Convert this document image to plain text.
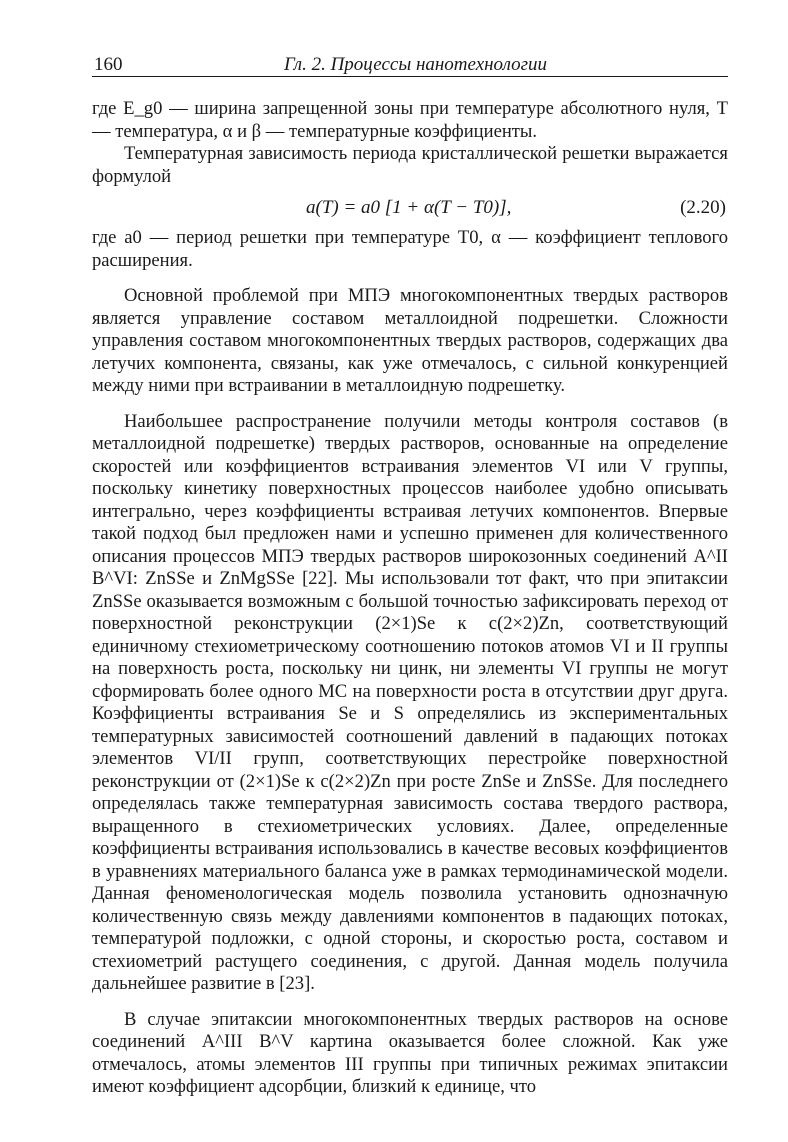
160	Гл. 2. Процессы нанотехнологии

где E_g0 — ширина запрещенной зоны при температуре абсолютного нуля, T — температура, α и β — температурные коэффициенты.

Температурная зависимость периода кристаллической решетки выражается формулой

a(T) = a0 [1 + α(T − T0)],	(2.20)

где a0 — период решетки при температуре T0, α — коэффициент теплового расширения.

Основной проблемой при МПЭ многокомпонентных твердых растворов является управление составом металлоидной подрешетки. Сложности управления составом многокомпонентных твердых растворов, содержащих два летучих компонента, связаны, как уже отмечалось, с сильной конкуренцией между ними при встраивании в металлоидную подрешетку.

Наибольшее распространение получили методы контроля составов (в металлоидной подрешетке) твердых растворов, основанные на определение скоростей или коэффициентов встраивания элементов VI или V группы, поскольку кинетику поверхностных процессов наиболее удобно описывать интегрально, через коэффициенты встраивая летучих компонентов. Впервые такой подход был предложен нами и успешно применен для количественного описания процессов МПЭ твердых растворов широкозонных соединений A^II B^VI: ZnSSe и ZnMgSSe [22]. Мы использовали тот факт, что при эпитаксии ZnSSe оказывается возможным с большой точностью зафиксировать переход от поверхностной реконструкции (2×1)Se к c(2×2)Zn, соответствующий единичному стехиометрическому соотношению потоков атомов VI и II группы на поверхность роста, поскольку ни цинк, ни элементы VI группы не могут сформировать более одного МС на поверхности роста в отсутствии друг друга. Коэффициенты встраивания Se и S определялись из экспериментальных температурных зависимостей соотношений давлений в падающих потоках элементов VI/II групп, соответствующих перестройке поверхностной реконструкции от (2×1)Se к c(2×2)Zn при росте ZnSe и ZnSSe. Для последнего определялась также температурная зависимость состава твердого раствора, выращенного в стехиометрических условиях. Далее, определенные коэффициенты встраивания использовались в качестве весовых коэффициентов в уравнениях материального баланса уже в рамках термодинамической модели. Данная феноменологическая модель позволила установить однозначную количественную связь между давлениями компонентов в падающих потоках, температурой подложки, с одной стороны, и скоростью роста, составом и стехиометрий растущего соединения, с другой. Данная модель получила дальнейшее развитие в [23].

В случае эпитаксии многокомпонентных твердых растворов на основе соединений A^III B^V картина оказывается более сложной. Как уже отмечалось, атомы элементов III группы при типичных режимах эпитаксии имеют коэффициент адсорбции, близкий к единице, что
